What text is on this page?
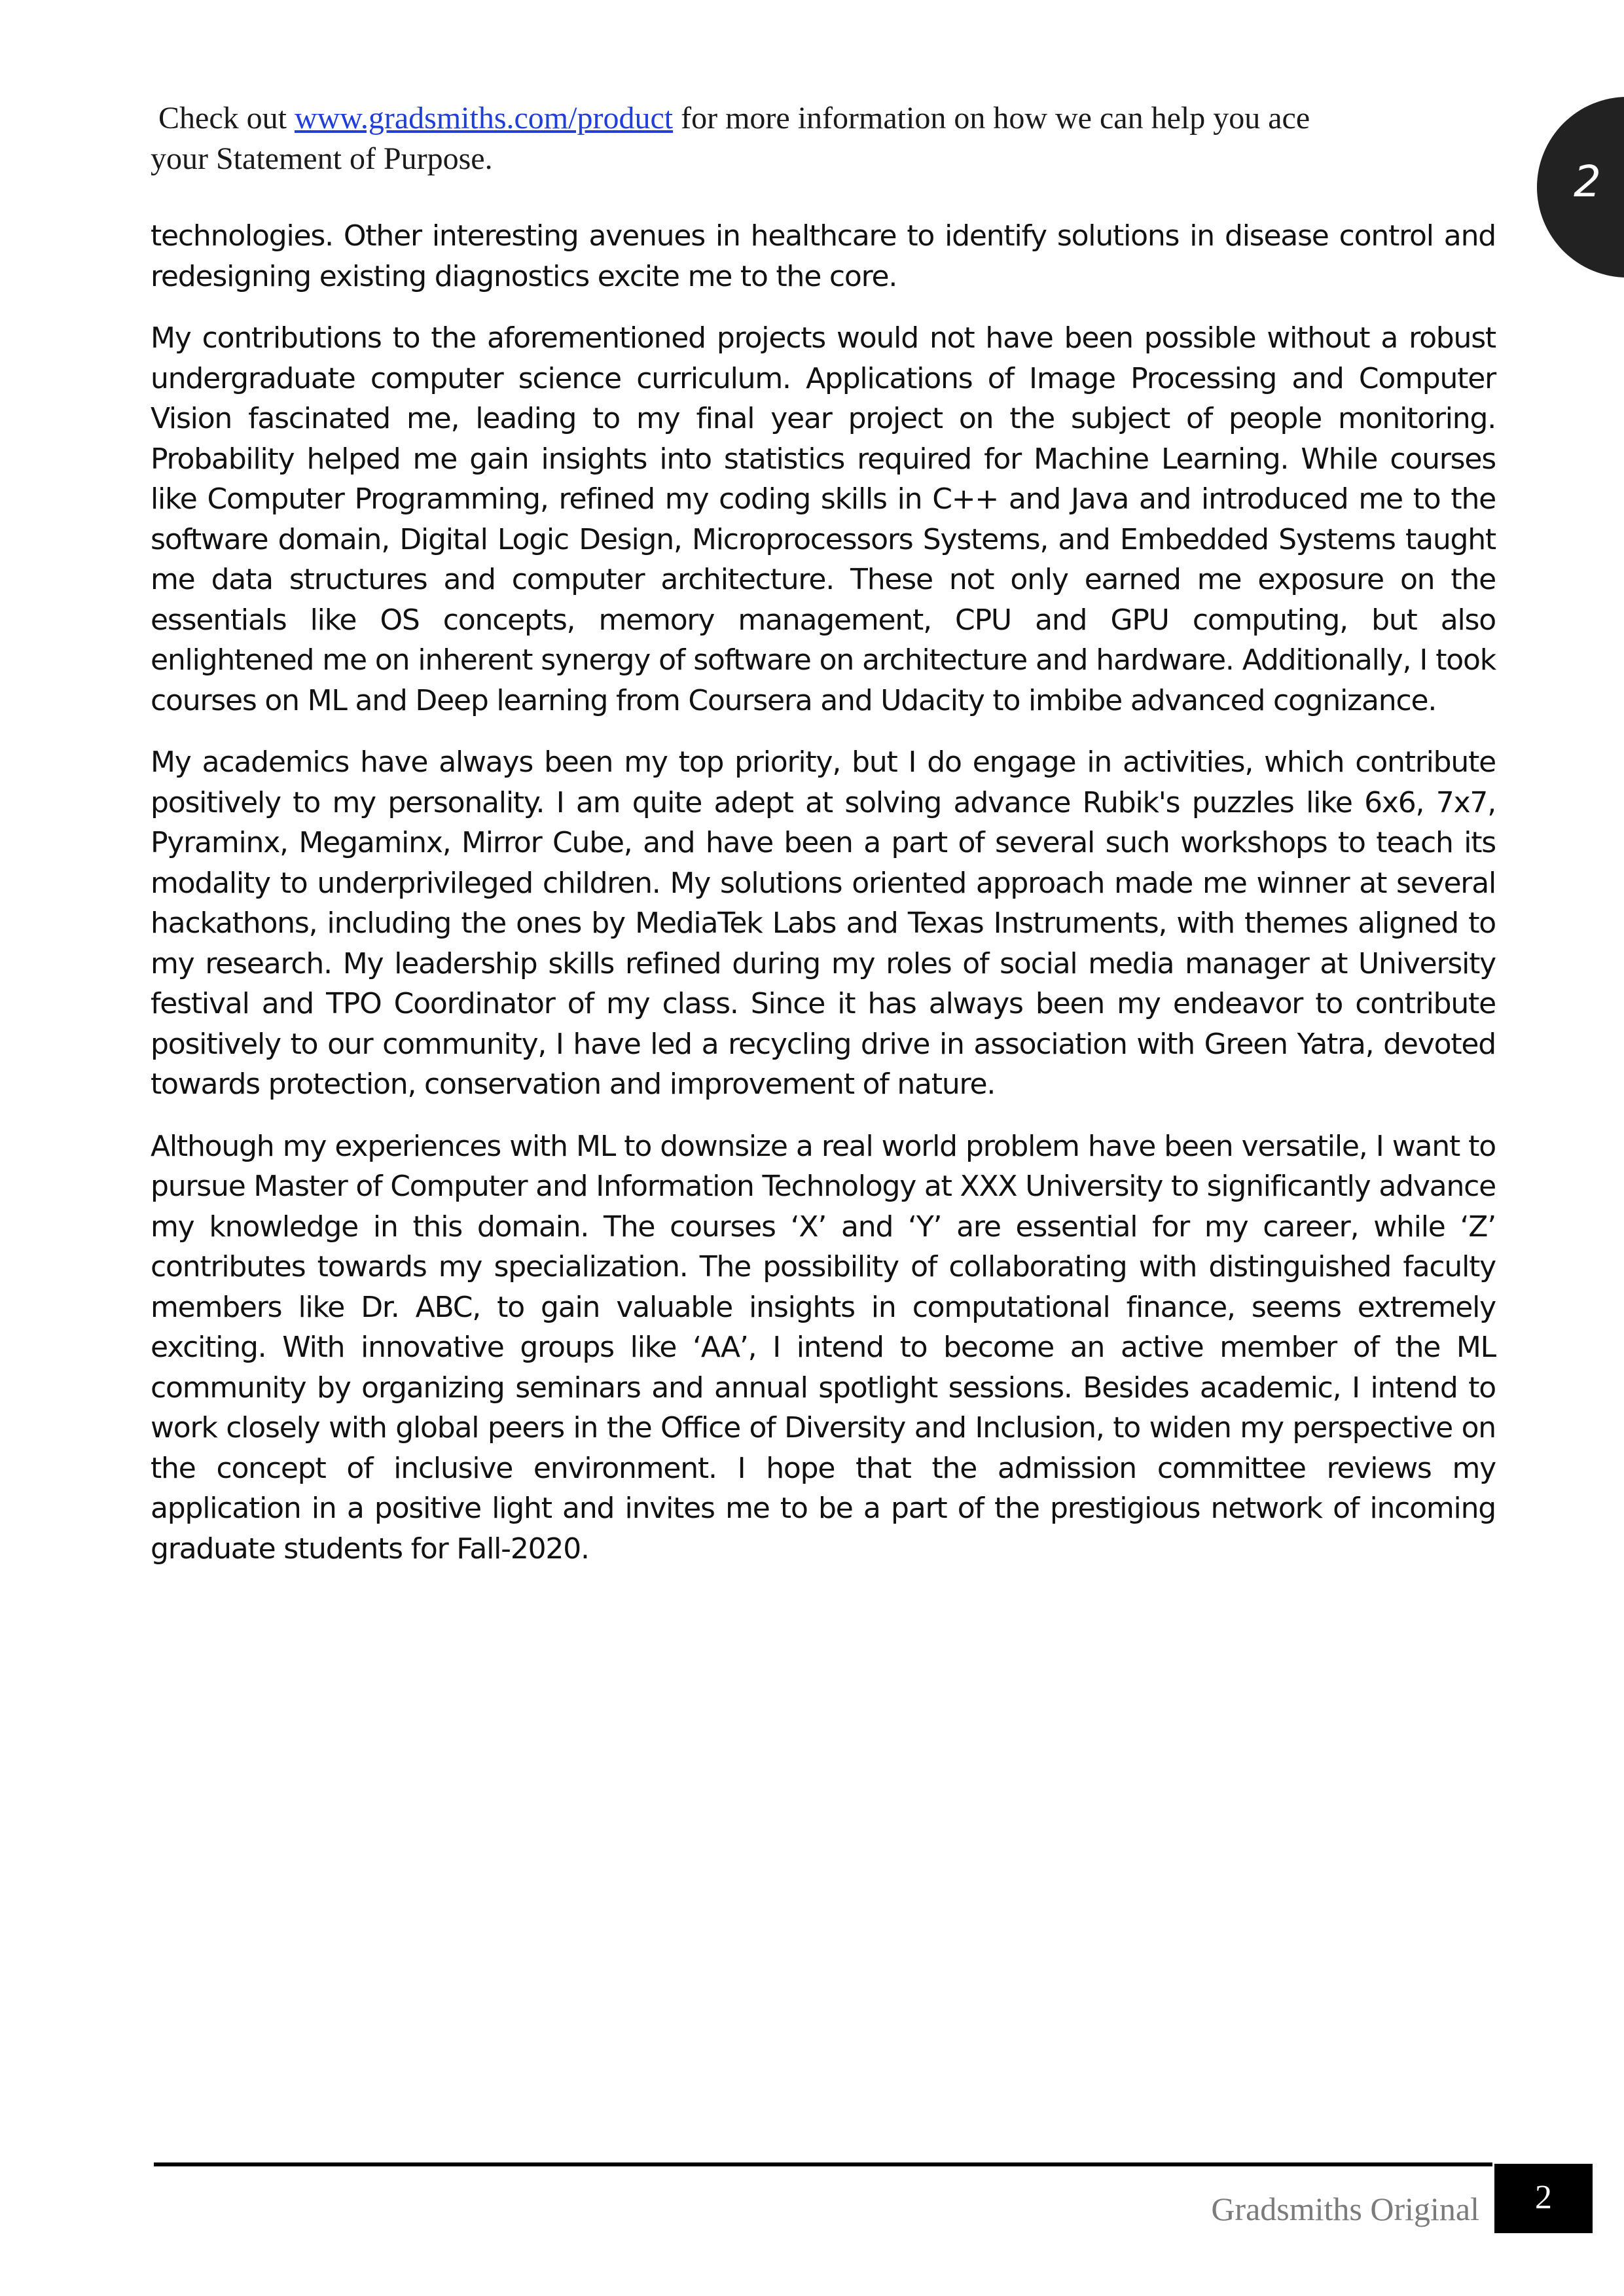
Check out www.gradsmiths.com/product for more information on how we can help you ace
your Statement of Purpose.	2

technologies. Other interesting avenues in healthcare to identify solutions in disease control and redesigning existing diagnostics excite me to the core.

My contributions to the aforementioned projects would not have been possible without a robust undergraduate computer science curriculum. Applications of Image Processing and Computer Vision fascinated me, leading to my final year project on the subject of people monitoring. Probability helped me gain insights into statistics required for Machine Learning. While courses like Computer Programming, refined my coding skills in C++ and Java and introduced me to the software domain, Digital Logic Design, Microprocessors Systems, and Embedded Systems taught me data structures and computer architecture. These not only earned me exposure on the essentials like OS concepts, memory management, CPU and GPU computing, but also enlightened me on inherent synergy of software on architecture and hardware. Additionally, I took courses on ML and Deep learning from Coursera and Udacity to imbibe advanced cognizance.

My academics have always been my top priority, but I do engage in activities, which contribute positively to my personality. I am quite adept at solving advance Rubik's puzzles like 6x6, 7x7, Pyraminx, Megaminx, Mirror Cube, and have been a part of several such workshops to teach its modality to underprivileged children. My solutions oriented approach made me winner at several hackathons, including the ones by MediaTek Labs and Texas Instruments, with themes aligned to my research. My leadership skills refined during my roles of social media manager at University festival and TPO Coordinator of my class. Since it has always been my endeavor to contribute positively to our community, I have led a recycling drive in association with Green Yatra, devoted towards protection, conservation and improvement of nature.

Although my experiences with ML to downsize a real world problem have been versatile, I want to pursue Master of Computer and Information Technology at XXX University to significantly advance my knowledge in this domain. The courses ‘X’ and ‘Y’ are essential for my career, while ‘Z’ contributes towards my specialization. The possibility of collaborating with distinguished faculty members like Dr. ABC, to gain valuable insights in computational finance, seems extremely exciting. With innovative groups like ‘AA’, I intend to become an active member of the ML community by organizing seminars and annual spotlight sessions. Besides academic, I intend to work closely with global peers in the Office of Diversity and Inclusion, to widen my perspective on the concept of inclusive environment. I hope that the admission committee reviews my application in a positive light and invites me to be a part of the prestigious network of incoming graduate students for Fall-2020.

Gradsmiths Original	2
